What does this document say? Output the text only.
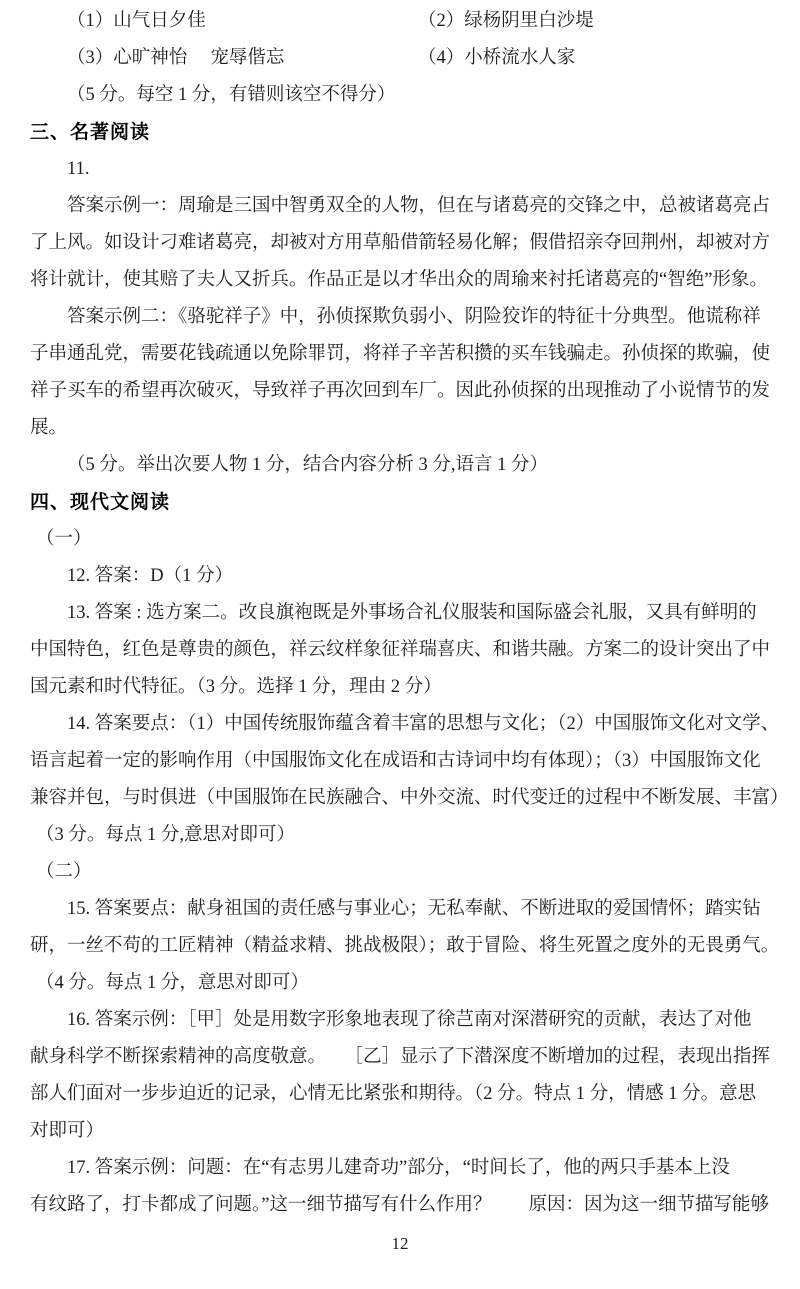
（1）山气日夕佳	（2）绿杨阴里白沙堤
（3）心旷神怡　 宠辱偕忘	（4）小桥流水人家
（5 分。每空 1 分，有错则该空不得分）
三、名著阅读
11.
答案示例一：周瑜是三国中智勇双全的人物，但在与诸葛亮的交锋之中，总被诸葛亮占
了上风。如设计刁难诸葛亮，却被对方用草船借箭轻易化解；假借招亲夺回荆州，却被对方
将计就计，使其赔了夫人又折兵。作品正是以才华出众的周瑜来衬托诸葛亮的“智绝”形象。
答案示例二：《骆驼祥子》中，孙侦探欺负弱小、阴险狡诈的特征十分典型。他谎称祥
子串通乱党，需要花钱疏通以免除罪罚，将祥子辛苦积攒的买车钱骗走。孙侦探的欺骗，使
祥子买车的希望再次破灭，导致祥子再次回到车厂。因此孙侦探的出现推动了小说情节的发
展。
（5 分。举出次要人物 1 分，结合内容分析 3 分,语言 1 分）
四、现代文阅读
（一）
12. 答案：D（1 分）
13. 答案 : 选方案二。改良旗袍既是外事场合礼仪服装和国际盛会礼服，又具有鲜明的
中国特色，红色是尊贵的颜色，祥云纹样象征祥瑞喜庆、和谐共融。方案二的设计突出了中
国元素和时代特征。（3 分。选择 1 分，理由 2 分）
14. 答案要点：（1）中国传统服饰蕴含着丰富的思想与文化；（2）中国服饰文化对文学、
语言起着一定的影响作用（中国服饰文化在成语和古诗词中均有体现）；（3）中国服饰文化
兼容并包，与时俱进（中国服饰在民族融合、中外交流、时代变迁的过程中不断发展、丰富）
（3 分。每点 1 分,意思对即可）
（二）
15. 答案要点：献身祖国的责任感与事业心；无私奉献、不断进取的爱国情怀；踏实钻
研，一丝不苟的工匠精神（精益求精、挑战极限）；敢于冒险、将生死置之度外的无畏勇气。
（4 分。每点 1 分，意思对即可）
16. 答案示例：［甲］处是用数字形象地表现了徐芑南对深潜研究的贡献，表达了对他
献身科学不断探索精神的高度敬意。　　［乙］显示了下潜深度不断增加的过程，表现出指挥
部人们面对一步步迫近的记录，心情无比紧张和期待。（2 分。特点 1 分，情感 1 分。意思
对即可）
17. 答案示例：问题：在“有志男儿建奇功”部分，“时间长了，他的两只手基本上没
有纹路了，打卡都成了问题。”这一细节描写有什么作用？　　原因：因为这一细节描写能够
12
